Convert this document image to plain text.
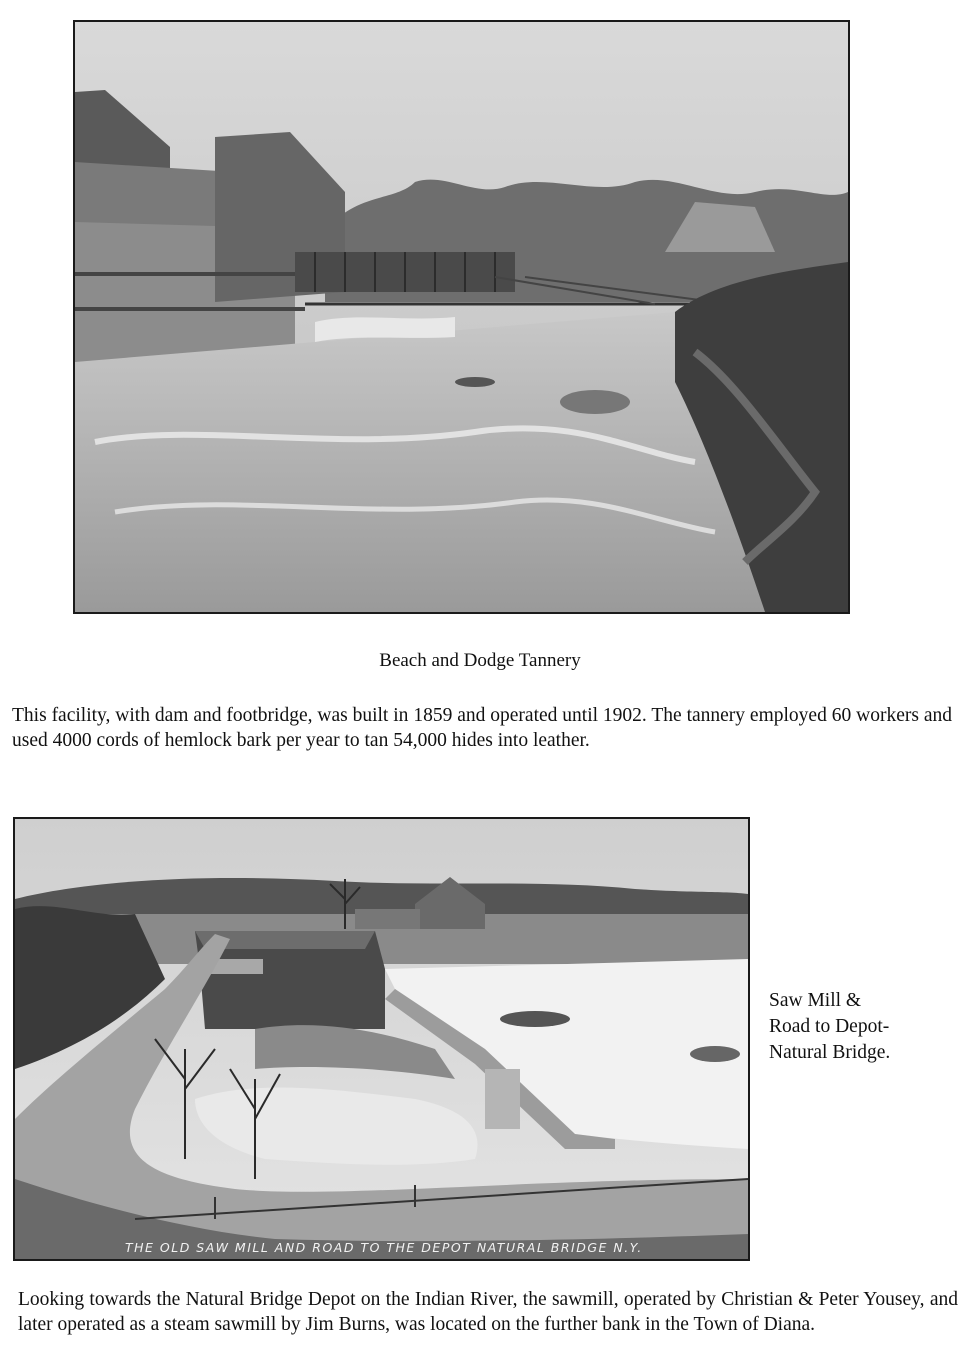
Beach and Dodge Tannery
This facility, with dam and footbridge, was built in 1859 and operated until 1902. The tannery employed 60 workers and used 4000 cords of hemlock bark per year to tan 54,000 hides into leather.
THE OLD SAW MILL AND ROAD TO THE DEPOT NATURAL BRIDGE N.Y.
Saw Mill &
Road to Depot-
Natural Bridge.
Looking towards the Natural Bridge Depot on the Indian River, the sawmill, operated by Christian & Peter Yousey, and later operated as a steam sawmill by Jim Burns, was located on the further bank in the Town of Diana.
